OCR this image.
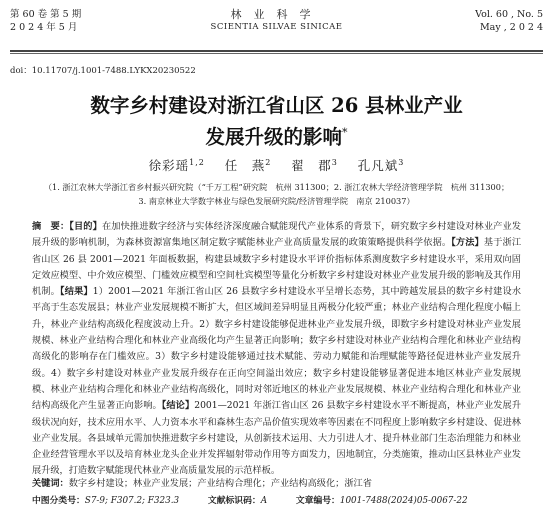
第 60 卷 第 5 期
2 0 2 4 年 5 月
林业科学
SCIENTIA SILVAE SINICAE
Vol. 60 , No. 5
May , 2 0 2 4
doi：10.11707/j.1001-7488.LYKX20230522
数字乡村建设对浙江省山区 26 县林业产业
发展升级的影响*
徐彩瑶$^{1,2}$ 任　燕$^2$ 翟　郡$^3$ 孔凡斌$^3$
（1. 浙江农林大学浙江省乡村振兴研究院（“千万工程”研究院　杭州 311300；2. 浙江农林大学经济管理学院　杭州 311300；
3. 南京林业大学数字林业与绿色发展研究院/经济管理学院　南京 210037）

摘　要：【目的】在加快推进数字经济与实体经济深度融合赋能现代产业体系的背景下，研究数字乡村建设对林业产业发展升级的影响机制，为森林资源富集地区制定数字赋能林业产业高质量发展的政策策略提供科学依据。【方法】基于浙江省山区 26 县 2001—2021 年面板数据，构建县域数字乡村建设水平评价指标体系测度数字乡村建设水平，采用双向固定效应模型、中介效应模型、门槛效应模型和空间杜宾模型等量化分析数字乡村建设对林业产业发展升级的影响及其作用机制。【结果】1）2001—2021 年浙江省山区 26 县数字乡村建设水平呈增长态势，其中跨越发展县的数字乡村建设水平高于生态发展县；林业产业发展规模不断扩大，但区域间差异明显且两极分化较严重；林业产业结构合理化程度小幅上升，林业产业结构高级化程度波动上升。2）数字乡村建设能够促进林业产业发展升级，即数字乡村建设对林业产业发展规模、林业产业结构合理化和林业产业高级化均产生显著正向影响；数字乡村建设对林业产业结构合理化和林业产业结构高级化的影响存在门槛效应。3）数字乡村建设能够通过技术赋能、劳动力赋能和治理赋能等路径促进林业产业发展升级。4）数字乡村建设对林业产业发展升级存在正向空间溢出效应；数字乡村建设能够显著促进本地区林业产业发展规模、林业产业结构合理化和林业产业结构高级化，同时对邻近地区的林业产业发展规模、林业产业结构合理化和林业产业结构高级化产生显著正向影响。【结论】2001—2021 年浙江省山区 26 县数字乡村建设水平不断提高，林业产业发展升级状况向好，技术应用水平、人力资本水平和森林生态产品价值实现效率等因素在不同程度上影响数字乡村建设、促进林业产业发展。各县域单元需加快推进数字乡村建设，从创新技术运用、大力引进人才、提升林业部门生态治理能力和林业企业经营管理水平以及培育林业龙头企业并发挥辐射带动作用等方面发力，因地制宜，分类施策，推动山区县林业产业发展升级，打造数字赋能现代林业产业高质量发展的示范样板。

关键词：数字乡村建设；林业产业发展；产业结构合理化；产业结构高级化；浙江省
中图分类号：S7-9; F307.2; F323.3	文献标识码：A	文章编号：1001-7488(2024)05-0067-22
